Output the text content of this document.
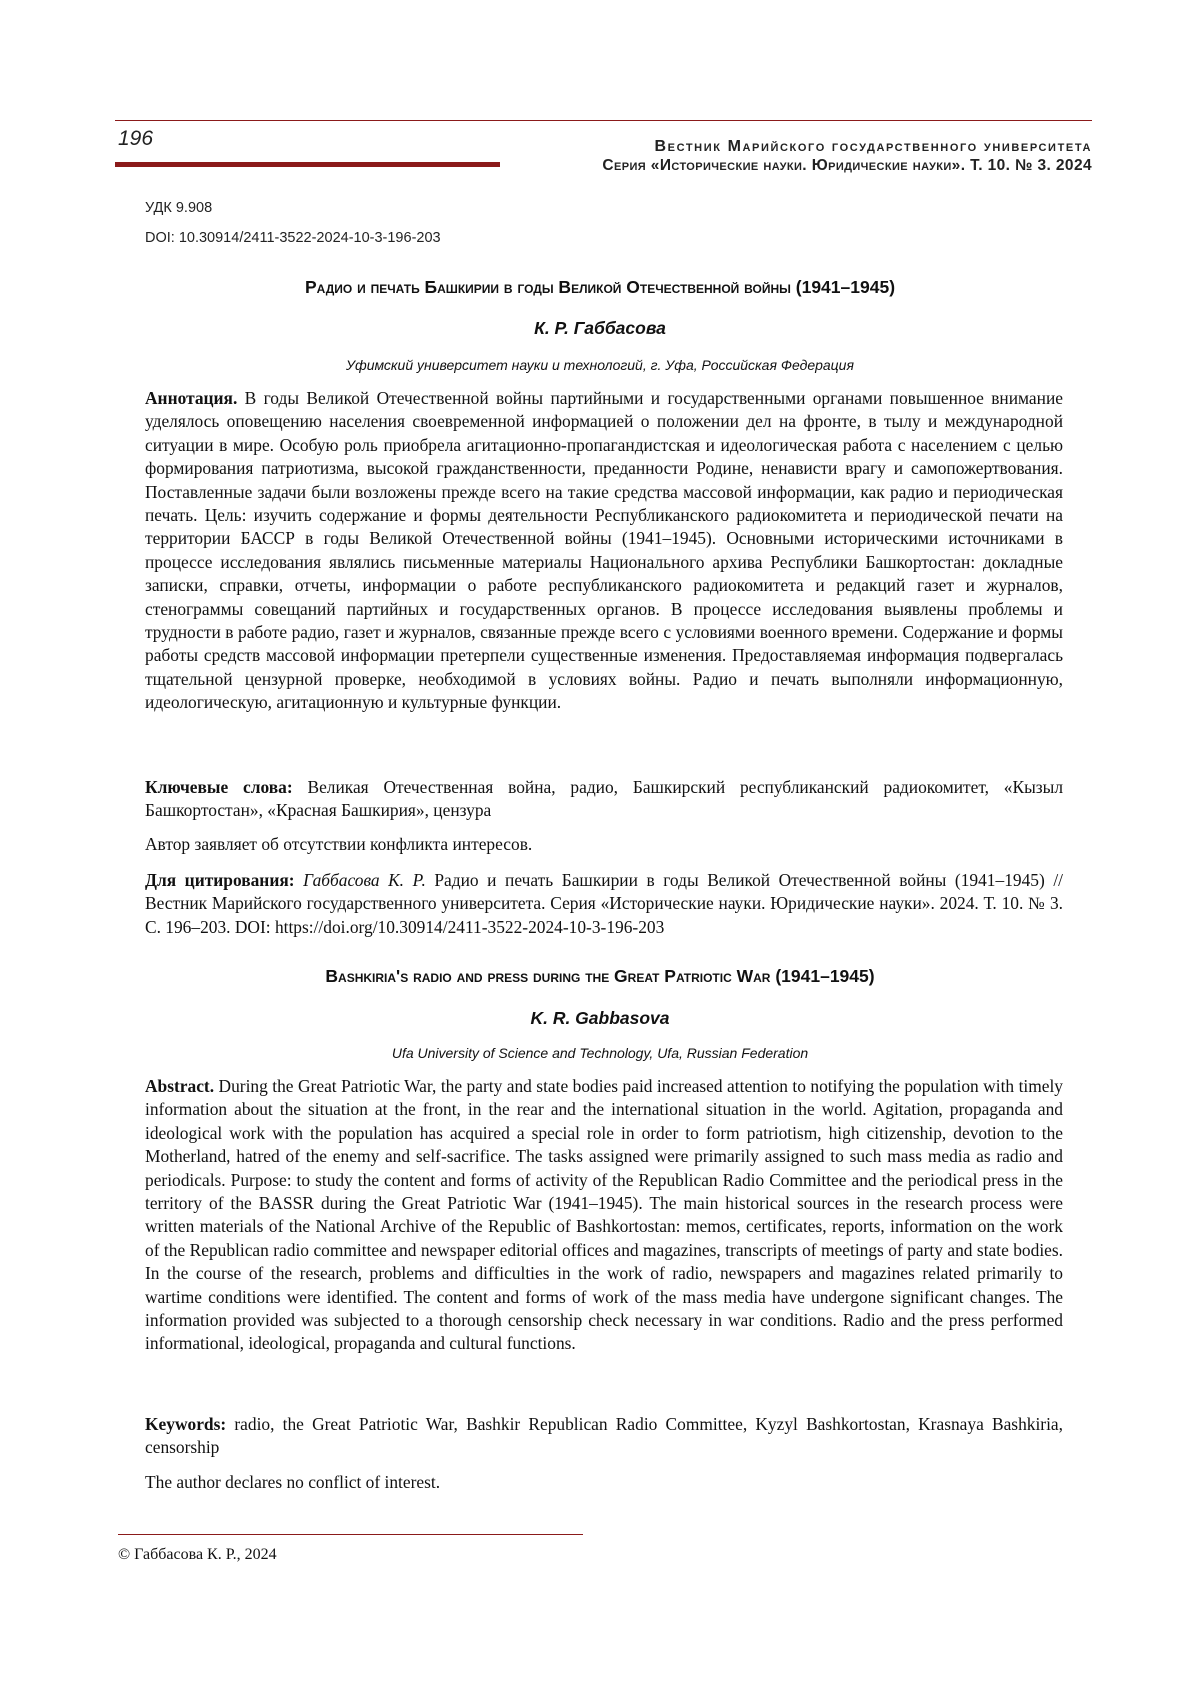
196	Вестник Марийского государственного университета
Серия «Исторические науки. Юридические науки». Т. 10. № 3. 2024
УДК 9.908
DOI: 10.30914/2411-3522-2024-10-3-196-203
Радио и печать Башкирии в годы Великой Отечественной войны (1941–1945)
К. Р. Габбасова
Уфимский университет науки и технологий, г. Уфа, Российская Федерация
Аннотация. В годы Великой Отечественной войны партийными и государственными органами повышенное внимание уделялось оповещению населения своевременной информацией о положении дел на фронте, в тылу и международной ситуации в мире. Особую роль приобрела агитационно-пропагандистская и идеологическая работа с населением с целью формирования патриотизма, высокой гражданственности, преданности Родине, ненависти врагу и самопожертвования. Поставленные задачи были возложены прежде всего на такие средства массовой информации, как радио и периодическая печать. Цель: изучить содержание и формы деятельности Республиканского радиокомитета и периодической печати на территории БАССР в годы Великой Отечественной войны (1941–1945). Основными историческими источниками в процессе исследования являлись письменные материалы Национального архива Республики Башкортостан: докладные записки, справки, отчеты, информации о работе республиканского радиокомитета и редакций газет и журналов, стенограммы совещаний партийных и государственных органов. В процессе исследования выявлены проблемы и трудности в работе радио, газет и журналов, связанные прежде всего с условиями военного времени. Содержание и формы работы средств массовой информации претерпели существенные изменения. Предоставляемая информация подвергалась тщательной цензурной проверке, необходимой в условиях войны. Радио и печать выполняли информационную, идеологическую, агитационную и культурные функции.
Ключевые слова: Великая Отечественная война, радио, Башкирский республиканский радиокомитет, «Кызыл Башкортостан», «Красная Башкирия», цензура
Автор заявляет об отсутствии конфликта интересов.
Для цитирования: Габбасова К. Р. Радио и печать Башкирии в годы Великой Отечественной войны (1941–1945) // Вестник Марийского государственного университета. Серия «Исторические науки. Юридические науки». 2024. Т. 10. № 3. С. 196–203. DOI: https://doi.org/10.30914/2411-3522-2024-10-3-196-203
Bashkiria's radio and press during the Great Patriotic War (1941–1945)
K. R. Gabbasova
Ufa University of Science and Technology, Ufa, Russian Federation
Abstract. During the Great Patriotic War, the party and state bodies paid increased attention to notifying the population with timely information about the situation at the front, in the rear and the international situation in the world. Agitation, propaganda and ideological work with the population has acquired a special role in order to form patriotism, high citizenship, devotion to the Motherland, hatred of the enemy and self-sacrifice. The tasks assigned were primarily assigned to such mass media as radio and periodicals. Purpose: to study the content and forms of activity of the Republican Radio Committee and the periodical press in the territory of the BASSR during the Great Patriotic War (1941–1945). The main historical sources in the research process were written materials of the National Archive of the Republic of Bashkortostan: memos, certificates, reports, information on the work of the Republican radio committee and newspaper editorial offices and magazines, transcripts of meetings of party and state bodies. In the course of the research, problems and difficulties in the work of radio, newspapers and magazines related primarily to wartime conditions were identified. The content and forms of work of the mass media have undergone significant changes. The information provided was subjected to a thorough censorship check necessary in war conditions. Radio and the press performed informational, ideological, propaganda and cultural functions.
Keywords: radio, the Great Patriotic War, Bashkir Republican Radio Committee, Kyzyl Bashkortostan, Krasnaya Bashkiria, censorship
The author declares no conflict of interest.
© Габбасова К. Р., 2024
